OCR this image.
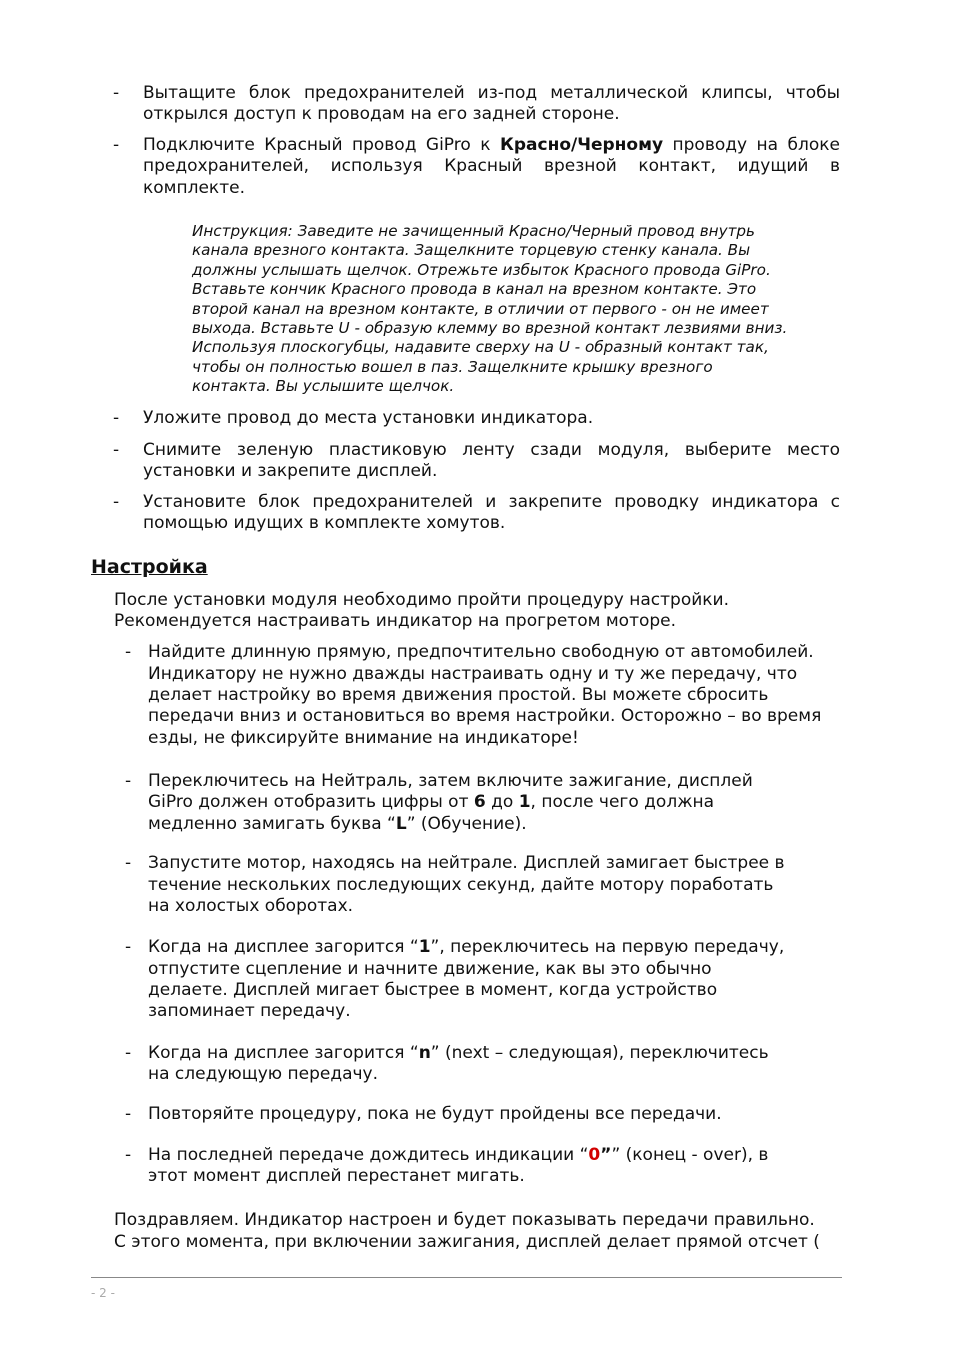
- Вытащите блок предохранителей из-под металлической клипсы, чтобы
открылся доступ к проводам на его задней стороне.
- Подключите Красный провод GiPro к Красно/Черному проводу на блоке
предохранителей, используя Красный врезной контакт, идущий в
комплекте.
Инструкция: Заведите не зачищенный Красно/Черный провод внутрь
канала врезного контакта. Защелкните торцевую стенку канала. Вы
должны услышать щелчок. Отрежьте избыток Красного провода GiPro.
Вставьте кончик Красного провода в канал на врезном контакте. Это
второй канал на врезном контакте, в отличии от первого - он не имеет
выхода. Вставьте U - образую клемму во врезной контакт лезвиями вниз.
Используя плоскогубцы, надавите сверху на U - образный контакт так,
чтобы он полностью вошел в паз. Защелкните крышку врезного
контакта. Вы услышите щелчок.
- Уложите провод до места установки индикатора.
- Снимите зеленую пластиковую ленту сзади модуля, выберите место
установки и закрепите дисплей.
- Установите блок предохранителей и закрепите проводку индикатора с
помощью идущих в комплекте хомутов.
Настройка
После установки модуля необходимо пройти процедуру настройки.
Рекомендуется настраивать индикатор на прогретом моторе.
- Найдите длинную прямую, предпочтительно свободную от автомобилей.
Индикатору не нужно дважды настраивать одну и ту же передачу, что
делает настройку во время движения простой. Вы можете сбросить
передачи вниз и остановиться во время настройки. Осторожно – во время
езды, не фиксируйте внимание на индикаторе!
- Переключитесь на Нейтраль, затем включите зажигание, дисплей
GiPro должен отобразить цифры от 6 до 1, после чего должна
медленно замигать буква “L” (Обучение).
- Запустите мотор, находясь на нейтрале. Дисплей замигает быстрее в
течение нескольких последующих секунд, дайте мотору поработать
на холостых оборотах.
- Когда на дисплее загорится “1”, переключитесь на первую передачу,
отпустите сцепление и начните движение, как вы это обычно
делаете. Дисплей мигает быстрее в момент, когда устройство
запоминает передачу.
- Когда на дисплее загорится “n” (next – следующая), переключитесь
на следующую передачу.
- Повторяйте процедуру, пока не будут пройдены все передачи.
- На последней передаче дождитесь индикации “0”” (конец - over), в
этот момент дисплей перестанет мигать.
Поздравляем. Индикатор настроен и будет показывать передачи правильно.
С этого момента, при включении зажигания, дисплей делает прямой отсчет (
- 2 -
